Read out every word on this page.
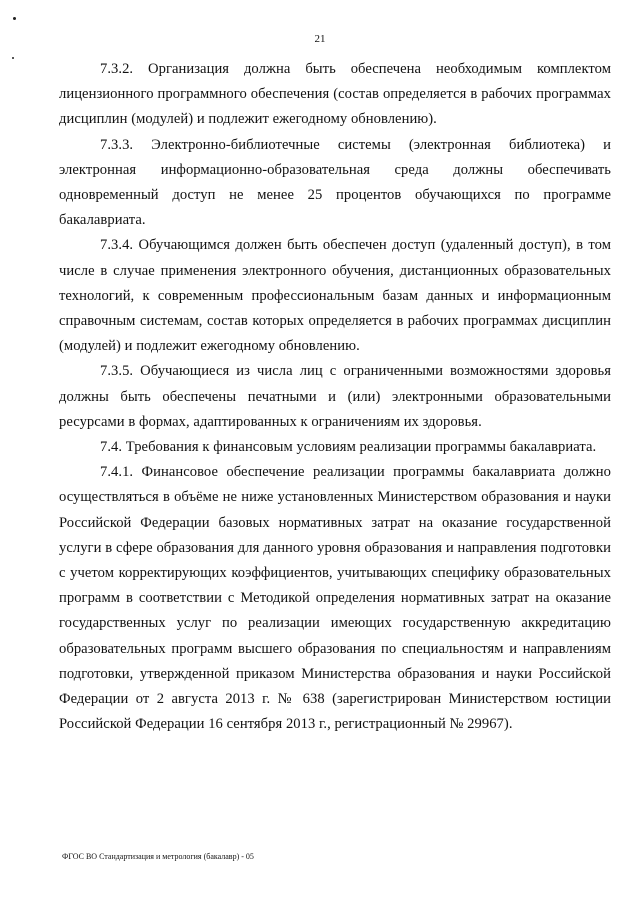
21

7.3.2. Организация должна быть обеспечена необходимым комплектом лицензионного программного обеспечения (состав определяется в рабочих программах дисциплин (модулей) и подлежит ежегодному обновлению).

7.3.3. Электронно-библиотечные системы (электронная библиотека) и электронная информационно-образовательная среда должны обеспечивать одновременный доступ не менее 25 процентов обучающихся по программе бакалавриата.

7.3.4. Обучающимся должен быть обеспечен доступ (удаленный доступ), в том числе в случае применения электронного обучения, дистанционных образовательных технологий, к современным профессиональным базам данных и информационным справочным системам, состав которых определяется в рабочих программах дисциплин (модулей) и подлежит ежегодному обновлению.

7.3.5. Обучающиеся из числа лиц с ограниченными возможностями здоровья должны быть обеспечены печатными и (или) электронными образовательными ресурсами в формах, адаптированных к ограничениям их здоровья.

7.4. Требования к финансовым условиям реализации программы бакалавриата.

7.4.1. Финансовое обеспечение реализации программы бакалавриата должно осуществляться в объёме не ниже установленных Министерством образования и науки Российской Федерации базовых нормативных затрат на оказание государственной услуги в сфере образования для данного уровня образования и направления подготовки с учетом корректирующих коэффициентов, учитывающих специфику образовательных программ в соответствии с Методикой определения нормативных затрат на оказание государственных услуг по реализации имеющих государственную аккредитацию образовательных программ высшего образования по специальностям и направлениям подготовки, утвержденной приказом Министерства образования и науки Российской Федерации от 2 августа 2013 г. № 638 (зарегистрирован Министерством юстиции Российской Федерации 16 сентября 2013 г., регистрационный № 29967).

ФГОС ВО Стандартизация и метрология (бакалавр) - 05
